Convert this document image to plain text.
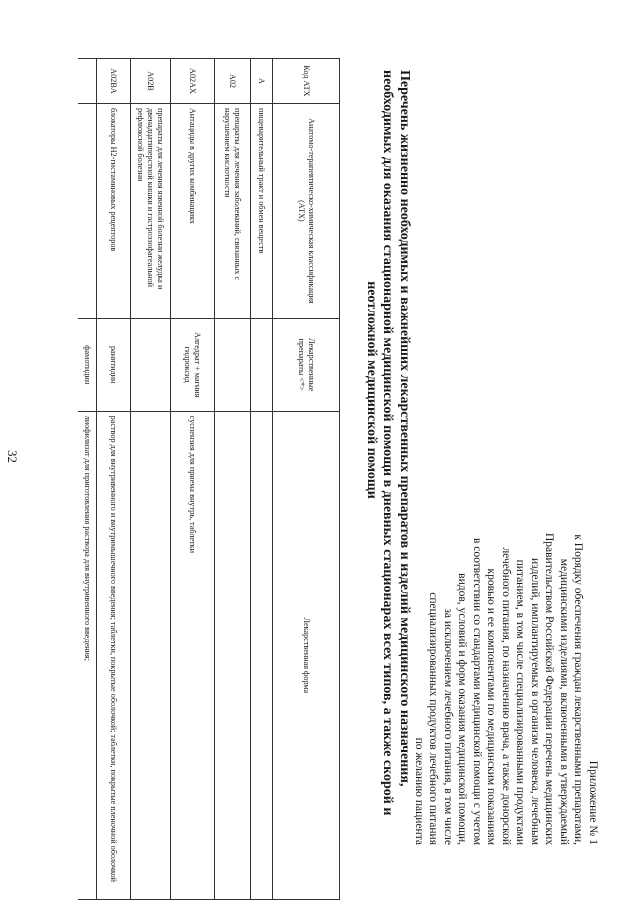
Приложение № 1
к Порядку обеспечения граждан лекарственными препаратами,
медицинскими изделиями, включенными в утверждаемый
Правительством Российской Федерации перечень медицинских
изделий, имплантируемых в организм человека, лечебным
питанием, в том числе специализированными продуктами
лечебного питания, по назначению врача, а также донорской
кровью и ее компонентами по медицинским показаниям
в соответствии со стандартами медицинской помощи с учетом
видов, условий и форм оказания медицинской помощи,
за исключением лечебного питания, в том числе
специализированных продуктов лечебного питания
по желанию пациента
Перечень жизненно необходимых и важнейших лекарственных препаратов и изделий медицинского назначения,
необходимых для оказания стационарной медицинской помощи в дневных стационарах всех типов, а также скорой и
неотложной медицинской помощи
Код АТХ	Анатомо-терапевтическо-химическая классификация (АТХ)	Лекарственные препараты <*>	Лекарственная форма
A	пищеварительный тракт и обмен веществ		
A02	препараты для лечения заболеваний, связанных с нарушением кислотности		
A02AX	Антациды в других комбинациях	Алгедрат + магния гидроксид	суспензия для приема внутрь, таблетки
A02B	препараты для лечения язвенной болезни желудка и двенадцатиперстной кишки и гастроэзофагеальной рефлюксной болезни		
A02BA	блокаторы H2-гистаминовых рецепторов	ранитидин	раствор для внутривенного и внутримышечного введения; таблетки, покрытые оболочкой; таблетки, покрытые пленочной оболочкой
		фамотидин	лиофилизат для приготовления раствора для внутривенного введения;
32
